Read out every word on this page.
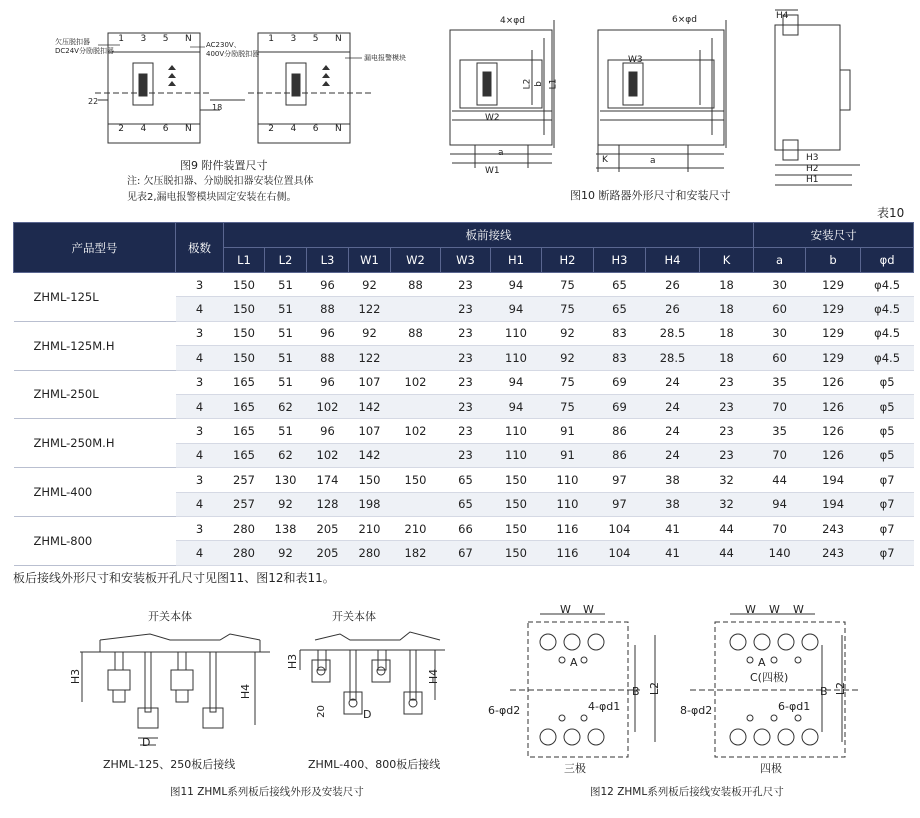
1 3 5 N
2 4 6 N
1 3 5 N
2 4 6 N
欠压脱扣器
DC24V分励脱扣器
AC230V、
400V分励脱扣器	漏电报警模块
22
18
图9 附件装置尺寸
注: 欠压脱扣器、分励脱扣器安装位置具体
见表2,漏电报警模块固定安装在右侧。
4×φd	6×φd
W2
W1
a
L2 b L1
W3
K	a
H4
H3
H2
H1
图10 断路器外形尺寸和安装尺寸
表10
产品型号	极数	板前接线											安装尺寸		
		L1	L2	L3	W1	W2	W3	H1	H2	H3	H4	K	a	b	φd
ZHML-125L	3	150	51	96	92	88	23	94	75	65	26	18	30	129	φ4.5
	4	150	51	88	122		23	94	75	65	26	18	60	129	φ4.5
ZHML-125M.H	3	150	51	96	92	88	23	110	92	83	28.5	18	30	129	φ4.5
	4	150	51	88	122		23	110	92	83	28.5	18	60	129	φ4.5
ZHML-250L	3	165	51	96	107	102	23	94	75	69	24	23	35	126	φ5
	4	165	62	102	142		23	94	75	69	24	23	70	126	φ5
ZHML-250M.H	3	165	51	96	107	102	23	110	91	86	24	23	35	126	φ5
	4	165	62	102	142		23	110	91	86	24	23	70	126	φ5
ZHML-400	3	257	130	174	150	150	65	150	110	97	38	32	44	194	φ7
	4	257	92	128	198		65	150	110	97	38	32	94	194	φ7
ZHML-800	3	280	138	205	210	210	66	150	116	104	41	44	70	243	φ7
	4	280	92	205	280	182	67	150	116	104	41	44	140	243	φ7
板后接线外形尺寸和安装板开孔尺寸见图11、图12和表11。
开关本体	开关本体
H3
H4
D
H3
H4
20	D
ZHML-125、250板后接线	ZHML-400、800板后接线
图11 ZHML系列板后接线外形及安装尺寸
W W	W W W
A	A
C(四极)
B L2	B L2
6-φd2	4-φd1	8-φd2	6-φd1
三极	四极
图12 ZHML系列板后接线安装板开孔尺寸
